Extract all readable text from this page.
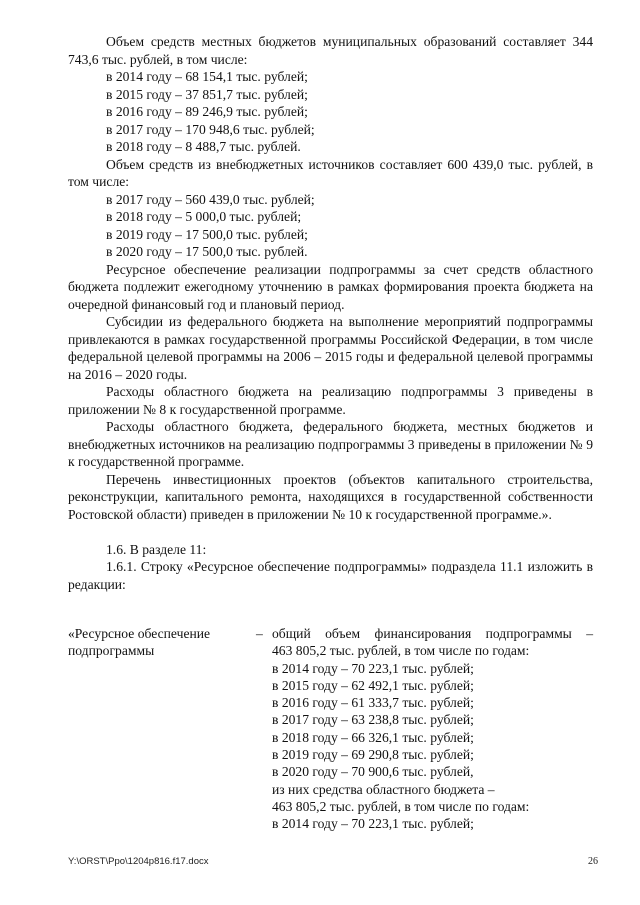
Объем средств местных бюджетов муниципальных образований составляет 344 743,6 тыс. рублей, в том числе:

в 2014 году – 68 154,1 тыс. рублей;

в 2015 году – 37 851,7 тыс. рублей;

в 2016 году – 89 246,9 тыс. рублей;

в 2017 году – 170 948,6 тыс. рублей;

в 2018 году – 8 488,7 тыс. рублей.

Объем средств из внебюджетных источников составляет 600 439,0 тыс. рублей, в том числе:

в 2017 году – 560 439,0 тыс. рублей;

в 2018 году – 5 000,0 тыс. рублей;

в 2019 году – 17 500,0 тыс. рублей;

в 2020 году – 17 500,0 тыс. рублей.

Ресурсное обеспечение реализации подпрограммы за счет средств областного бюджета подлежит ежегодному уточнению в рамках формирования проекта бюджета на очередной финансовый год и плановый период.

Субсидии из федерального бюджета на выполнение мероприятий подпрограммы привлекаются в рамках государственной программы Российской Федерации, в том числе федеральной целевой программы на 2006 – 2015 годы и федеральной целевой программы на 2016 – 2020 годы.

Расходы областного бюджета на реализацию подпрограммы 3 приведены в приложении № 8 к государственной программе.

Расходы областного бюджета, федерального бюджета, местных бюджетов и внебюджетных источников на реализацию подпрограммы 3 приведены в приложении № 9 к государственной программе.

Перечень инвестиционных проектов (объектов капитального строительства, реконструкции, капитального ремонта, находящихся в государственной собственности Ростовской области) приведен в приложении № 10 к государственной программе.».

1.6. В разделе 11:

1.6.1. Строку «Ресурсное обеспечение подпрограммы» подраздела 11.1 изложить в редакции:

«Ресурсное обеспечение подпрограммы
– общий объем финансирования подпрограммы –

463 805,2 тыс. рублей, в том числе по годам:

в 2014 году – 70 223,1 тыс. рублей;

в 2015 году – 62 492,1 тыс. рублей;

в 2016 году – 61 333,7 тыс. рублей;

в 2017 году – 63 238,8 тыс. рублей;

в 2018 году – 66 326,1 тыс. рублей;

в 2019 году – 69 290,8 тыс. рублей;

в 2020 году – 70 900,6 тыс. рублей,

из них средства областного бюджета –

463 805,2 тыс. рублей, в том числе по годам:

в 2014 году – 70 223,1 тыс. рублей;

Y:\ORST\Ppo\1204p816.f17.docx	26
